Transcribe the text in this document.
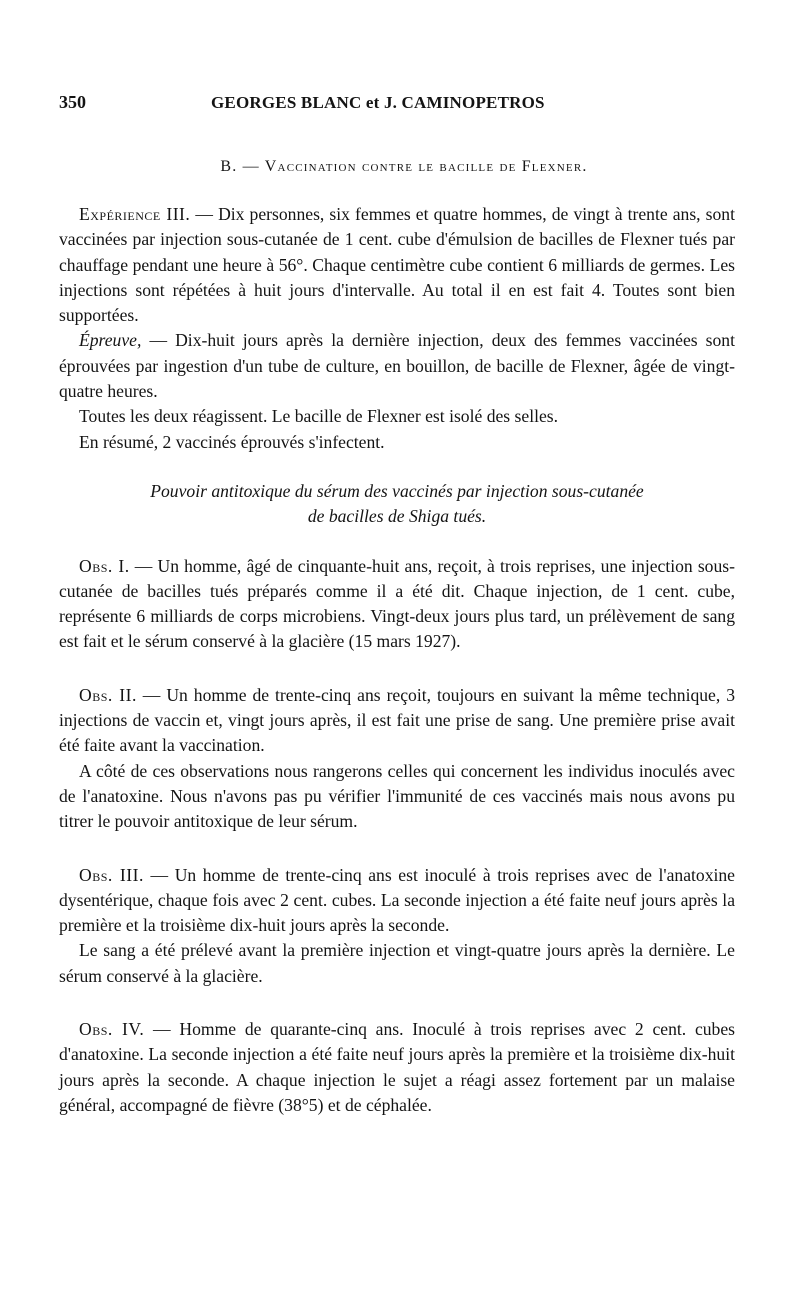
350	GEORGES BLANC et J. CAMINOPETROS
B. — Vaccination contre le bacille de Flexner.

Expérience III. — Dix personnes, six femmes et quatre hommes, de vingt à trente ans, sont vaccinées par injection sous-cutanée de 1 cent. cube d'émulsion de bacilles de Flexner tués par chauffage pendant une heure à 56°. Chaque centimètre cube contient 6 milliards de germes. Les injections sont répétées à huit jours d'intervalle. Au total il en est fait 4. Toutes sont bien supportées.

Épreuve, — Dix-huit jours après la dernière injection, deux des femmes vaccinées sont éprouvées par ingestion d'un tube de culture, en bouillon, de bacille de Flexner, âgée de vingt-quatre heures.

Toutes les deux réagissent. Le bacille de Flexner est isolé des selles.

En résumé, 2 vaccinés éprouvés s'infectent.

Pouvoir antitoxique du sérum des vaccinés par injection sous-cutanée

de bacilles de Shiga tués.

Obs. I. — Un homme, âgé de cinquante-huit ans, reçoit, à trois reprises, une injection sous-cutanée de bacilles tués préparés comme il a été dit. Chaque injection, de 1 cent. cube, représente 6 milliards de corps microbiens. Vingt-deux jours plus tard, un prélèvement de sang est fait et le sérum conservé à la glacière (15 mars 1927).

Obs. II. — Un homme de trente-cinq ans reçoit, toujours en suivant la même technique, 3 injections de vaccin et, vingt jours après, il est fait une prise de sang. Une première prise avait été faite avant la vaccination.

A côté de ces observations nous rangerons celles qui concernent les individus inoculés avec de l'anatoxine. Nous n'avons pas pu vérifier l'immunité de ces vaccinés mais nous avons pu titrer le pouvoir antitoxique de leur sérum.

Obs. III. — Un homme de trente-cinq ans est inoculé à trois reprises avec de l'anatoxine dysentérique, chaque fois avec 2 cent. cubes. La seconde injection a été faite neuf jours après la première et la troisième dix-huit jours après la seconde.

Le sang a été prélevé avant la première injection et vingt-quatre jours après la dernière. Le sérum conservé à la glacière.

Obs. IV. — Homme de quarante-cinq ans. Inoculé à trois reprises avec 2 cent. cubes d'anatoxine. La seconde injection a été faite neuf jours après la première et la troisième dix-huit jours après la seconde. A chaque injection le sujet a réagi assez fortement par un malaise général, accompagné de fièvre (38°5) et de céphalée.
